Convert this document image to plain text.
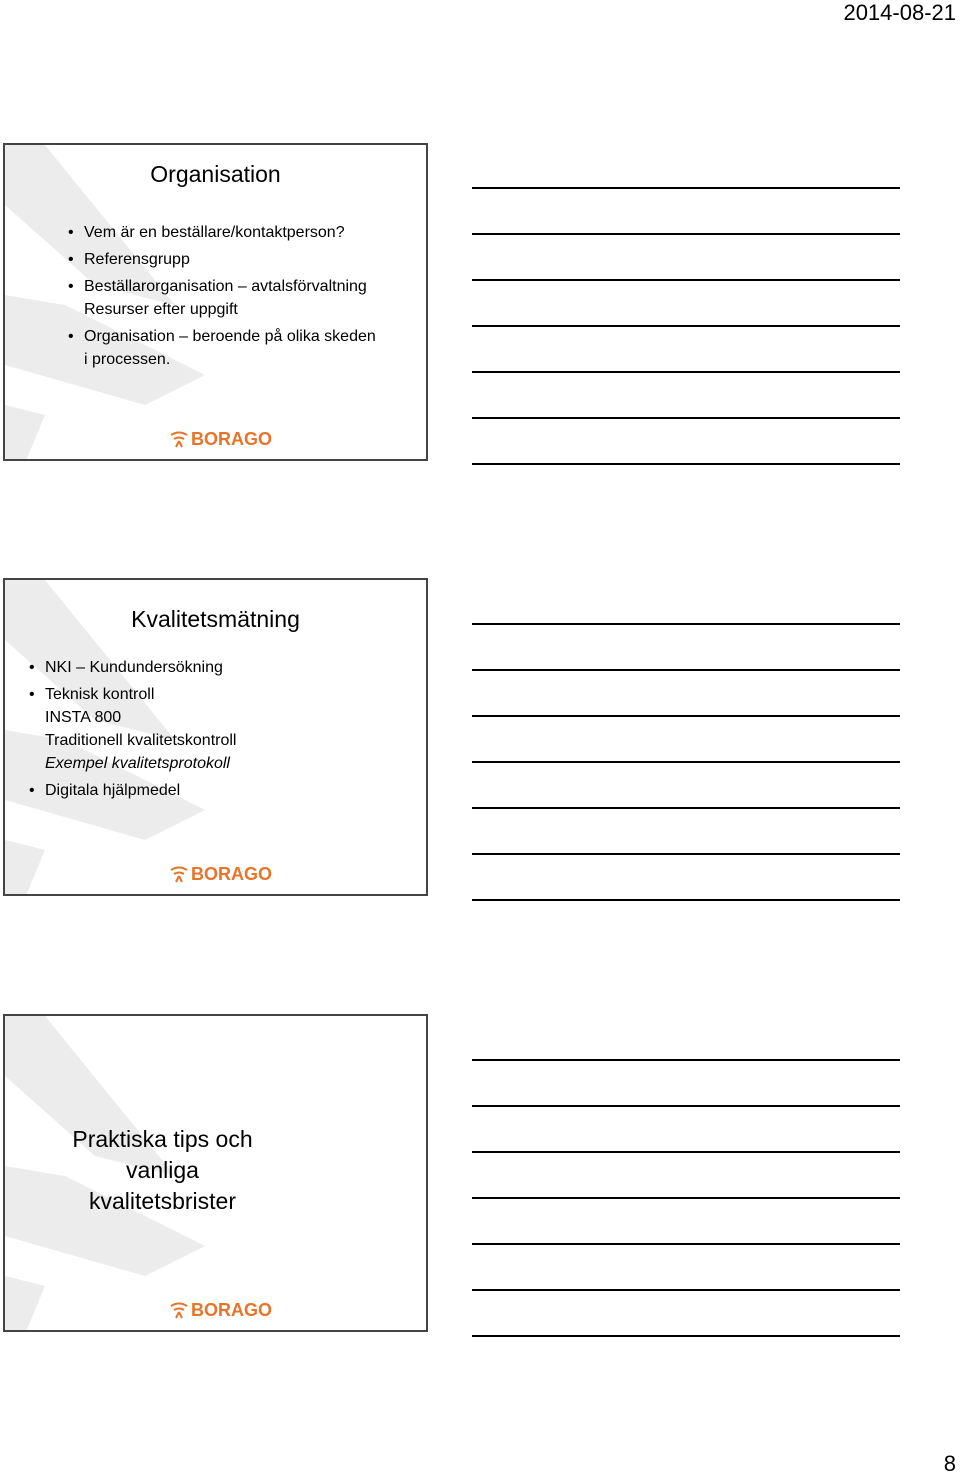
2014-08-21
Organisation
• Vem är en beställare/kontaktperson?
• Referensgrupp
• Beställarorganisation – avtalsförvaltning
Resurser efter uppgift
• Organisation – beroende på olika skeden
i processen.
BORAGO
Kvalitetsmätning
• NKI – Kundundersökning
• Teknisk kontroll
INSTA 800
Traditionell kvalitetskontroll
Exempel kvalitetsprotokoll
• Digitala hjälpmedel
BORAGO
Praktiska tips och
vanliga
kvalitetsbrister
BORAGO
8
